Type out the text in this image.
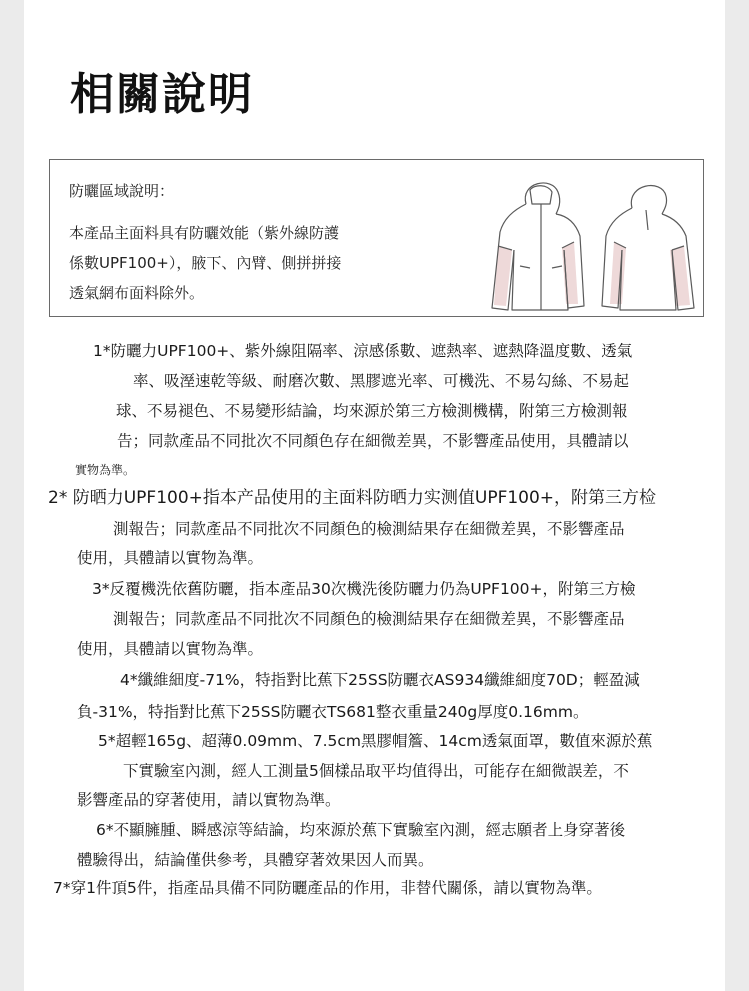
相關說明
防曬區域說明：
本產品主面料具有防曬效能（紫外線防護
係數UPF100+），腋下、內臂、側拼拼接
透氣網布面料除外。
1*防曬力UPF100+、紫外線阻隔率、涼感係數、遮熱率、遮熱降溫度數、透氣
率、吸溼速乾等級、耐磨次數、黑膠遮光率、可機洗、不易勾絲、不易起
球、不易褪色、不易變形結論，均來源於第三方檢測機構，附第三方檢測報
告；同款產品不同批次不同顏色存在細微差異，不影響產品使用，具體請以
實物為準。
2* 防晒力UPF100+指本产品使用的主面料防晒力实测值UPF100+，附第三方检
測報告；同款產品不同批次不同顏色的檢測結果存在細微差異，不影響產品
使用，具體請以實物為準。
3*反覆機洗依舊防曬，指本產品30次機洗後防曬力仍為UPF100+，附第三方檢
測報告；同款產品不同批次不同顏色的檢測結果存在細微差異，不影響產品
使用，具體請以實物為準。
4*纖維細度-71%，特指對比蕉下25SS防曬衣AS934纖維細度70D；輕盈減
負-31%，特指對比蕉下25SS防曬衣TS681整衣重量240g厚度0.16mm。
5*超輕165g、超薄0.09mm、7.5cm黑膠帽簷、14cm透氣面罩，數值來源於蕉
下實驗室內測，經人工測量5個樣品取平均值得出，可能存在細微誤差，不
影響產品的穿著使用，請以實物為準。
6*不顯臃腫、瞬感涼等結論，均來源於蕉下實驗室內測，經志願者上身穿著後
體驗得出，結論僅供參考，具體穿著效果因人而異。
7*穿1件頂5件，指產品具備不同防曬產品的作用，非替代關係，請以實物為準。
